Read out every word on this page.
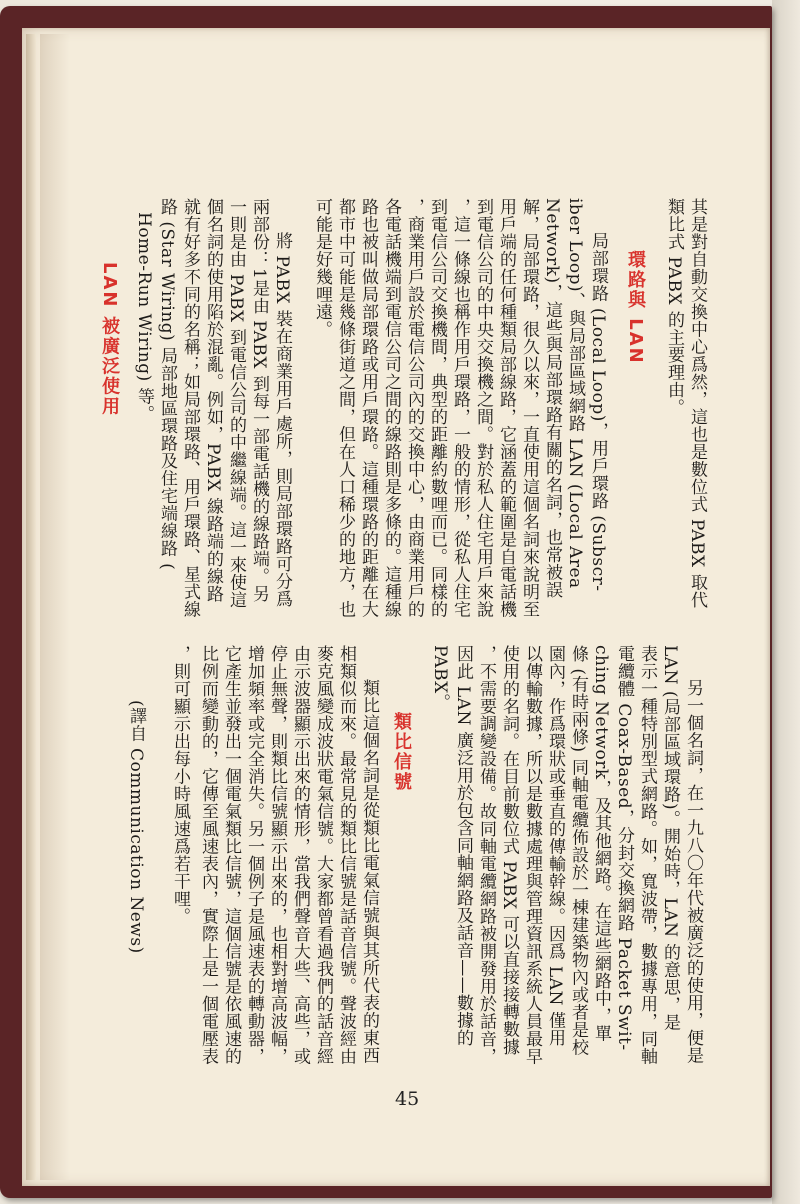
其是對自動交換中心爲然，這也是數位式 PABX 取代
類比式 PABX 的主要理由。
環路與 LAN
局部環路 (Local Loop)，用戶環路 (Subscr-
iber Loop)、與局部區域網路 LAN (Local Area
Network)，這些與局部環路有關的名詞，也常被誤
解，局部環路，很久以來，一直使用這個名詞來說明至
用戶端的任何種類局部線路，它涵蓋的範圍是自電話機
到電信公司的中央交換機之間。對於私人住宅用戶來說
，這一條線也稱作用戶環路，一般的情形，從私人住宅
到電信公司交換機間，典型的距離約數哩而已。同樣的
，商業用戶設於電信公司內的交換中心，由商業用戶的
各電話機端到電信公司之間的線路則是多條的。這種線
路也被叫做局部環路或用戶環路。這種環路的距離在大
都市中可能是幾條街道之間，但在人口稀少的地方，也
可能是好幾哩遠。
將 PABX 裝在商業用戶處所，則局部環路可分爲
兩部份：1是由 PABX 到每一部電話機的線路端。另
一則是由 PABX 到電信公司的中繼線端。這一來使這
個名詞的使用陷於混亂。例如，PABX 線路端的線路
就有好多不同的名稱；如局部環路、用戶環路、星式線
路 (Star Wiring) 局部地區環路及住宅端線路 (
Home-Run Wiring) 等。
LAN 被廣泛使用
另一個名詞，在一九八〇年代被廣泛的使用，便是
LAN (局部區域環路)。開始時，LAN 的意思，是
表示一種特別型式網路。如，寬波帶，數據專用，同軸
電纜體 Coax-Based，分封交換網路 Packet Swit-
ching Network，及其他網路。在這些網路中，單
條 (有時兩條) 同軸電纜佈設於一棟建築物內或者是校
園內，作爲環狀或垂直的傳輸幹線。因爲 LAN 僅用
以傳輸數據，所以是數據處理與管理資訊系統人員最早
使用的名詞。在目前數位式 PABX 可以直接接轉數據
，不需要調變設備。故同軸電纜網路被開發用於話音，
因此 LAN 廣泛用於包含同軸網路及話音——數據的
PABX。
類比信號
類比這個名詞是從類比電氣信號與其所代表的東西
相類似而來。最常見的類比信號是話音信號。聲波經由
麥克風變成波狀電氣信號。大家都曾看過我們的話音經
由示波器顯示出來的情形，當我們聲音大些、高些，或
停止無聲，則類比信號顯示出來的，也相對增高波幅，
增加頻率或完全消失。另一個例子是風速表的轉動器，
它產生並發出一個電氣類比信號，這個信號是依風速的
比例而變動的，它傳至風速表內，實際上是一個電壓表
，則可顯示出每小時風速爲若干哩。
(譯自 Communication News)
45
